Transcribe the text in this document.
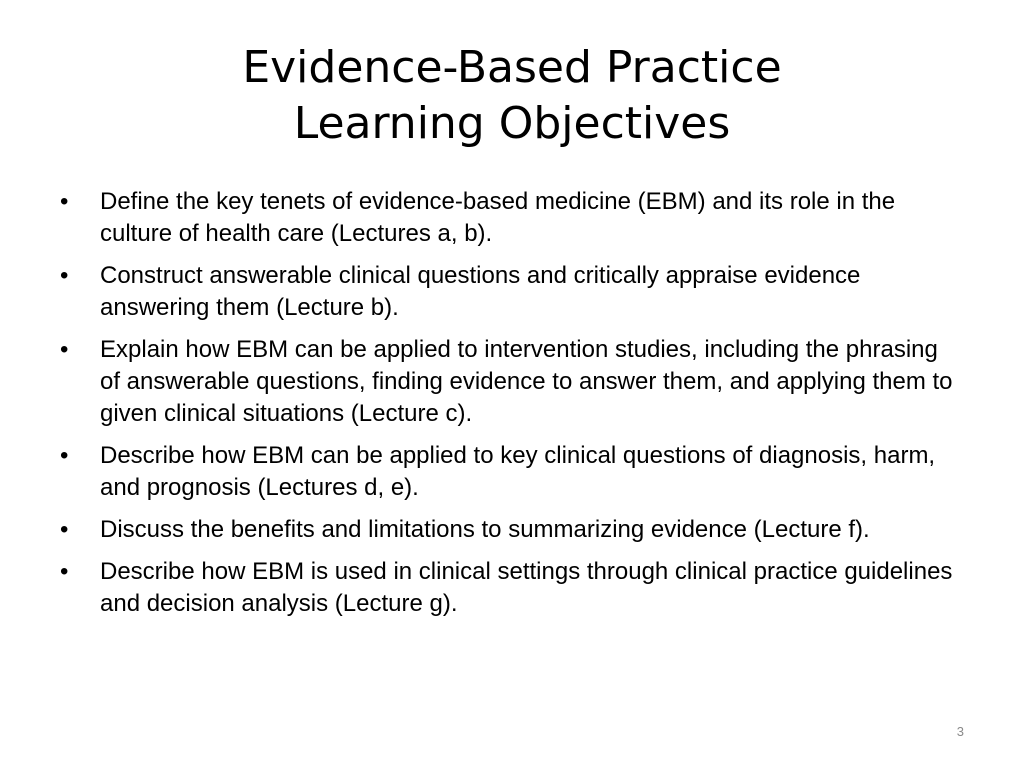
Evidence-Based Practice
Learning Objectives
•	Define the key tenets of evidence-based medicine (EBM) and its role in the culture of health care (Lectures a, b).
•	Construct answerable clinical questions and critically appraise evidence answering them (Lecture b).
•	Explain how EBM can be applied to intervention studies, including the phrasing of answerable questions, finding evidence to answer them, and applying them to given clinical situations (Lecture c).
•	Describe how EBM can be applied to key clinical questions of diagnosis, harm, and prognosis (Lectures d, e).
•	Discuss the benefits and limitations to summarizing evidence (Lecture f).
•	Describe how EBM is used in clinical settings through clinical practice guidelines and decision analysis (Lecture g).
3
